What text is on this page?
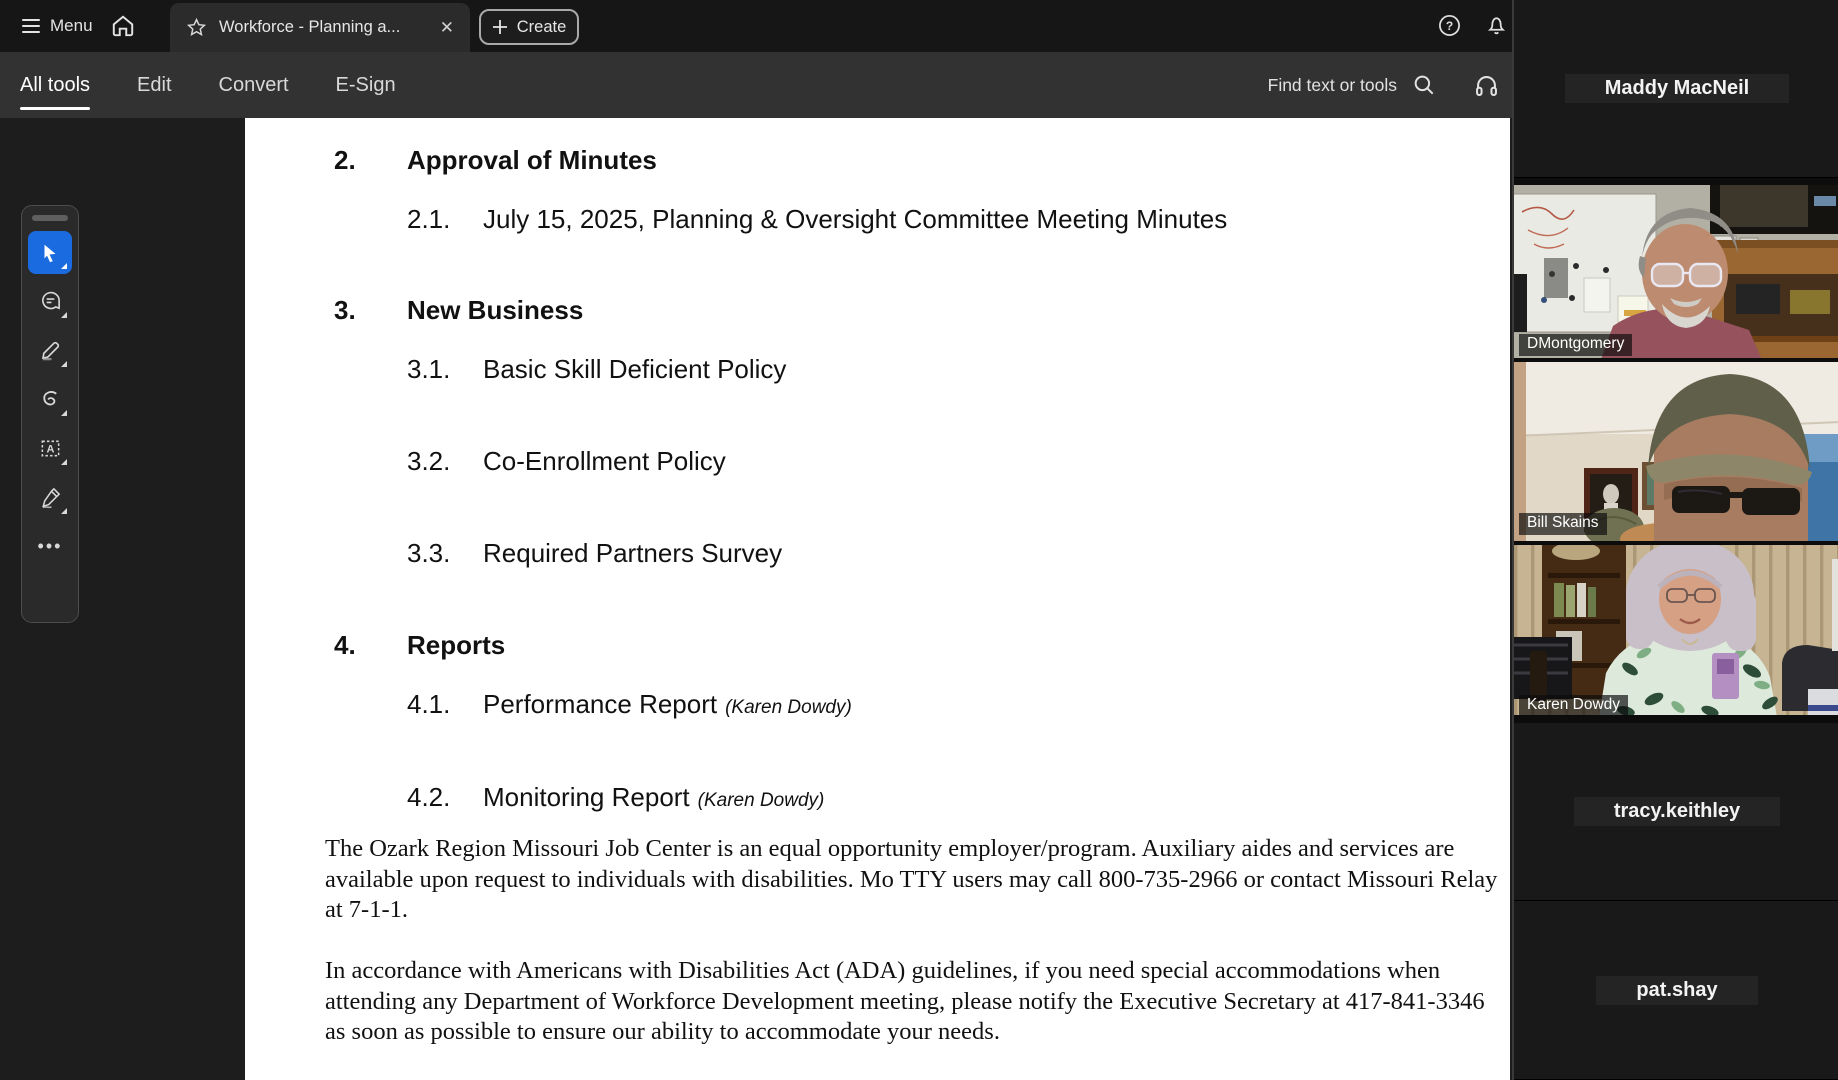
Menu	Workforce - Planning a... ✕	Create	?
All tools Edit Convert E-Sign	Find text or tools
2.	Approval of Minutes
2.1.	July 15, 2025, Planning & Oversight Committee Meeting Minutes
3.	New Business
3.1.	Basic Skill Deficient Policy
3.2.	Co-Enrollment Policy
3.3.	Required Partners Survey
4.	Reports
4.1.	Performance Report (Karen Dowdy)
4.2.	Monitoring Report (Karen Dowdy)
The Ozark Region Missouri Job Center is an equal opportunity employer/program. Auxiliary aides and services are available upon request to individuals with disabilities. Mo TTY users may call 800-735-2966 or contact Missouri Relay at 7-1-1.
In accordance with Americans with Disabilities Act (ADA) guidelines, if you need special accommodations when attending any Department of Workforce Development meeting, please notify the Executive Secretary at 417-841-3346 as soon as possible to ensure our ability to accommodate your needs.
A
•••
Maddy MacNeil
DMontgomery
Bill Skains
Karen Dowdy
tracy.keithley
pat.shay
